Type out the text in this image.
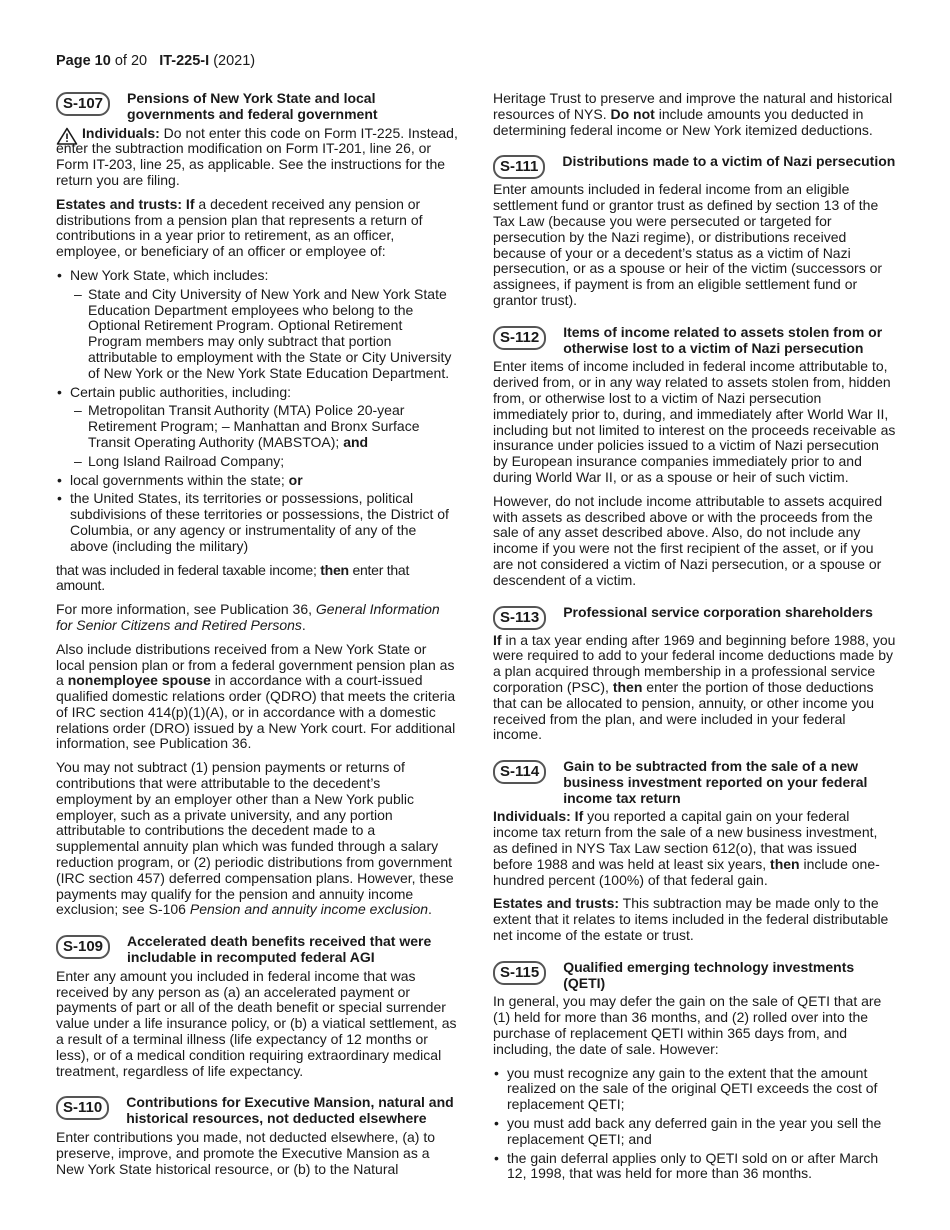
Page 10 of 20 IT-225-I (2021)
S-107	Pensions of New York State and local governments and federal government
Individuals: Do not enter this code on Form IT-225. Instead, enter the subtraction modification on Form IT-201, line 26, or Form IT-203, line 25, as applicable. See the instructions for the return you are filing.

Estates and trusts: If a decedent received any pension or distributions from a pension plan that represents a return of contributions in a year prior to retirement, as an officer, employee, or beneficiary of an officer or employee of:

• New York State, which includes:
– State and City University of New York and New York State Education Department employees who belong to the Optional Retirement Program. Optional Retirement Program members may only subtract that portion attributable to employment with the State or City University of New York or the New York State Education Department.
• Certain public authorities, including:
– Metropolitan Transit Authority (MTA) Police 20-year Retirement Program; – Manhattan and Bronx Surface Transit Operating Authority (MABSTOA); and
– Long Island Railroad Company;
• local governments within the state; or
• the United States, its territories or possessions, political subdivisions of these territories or possessions, the District of Columbia, or any agency or instrumentality of any of the above (including the military)

that was included in federal taxable income; then enter that amount.

For more information, see Publication 36, General Information for Senior Citizens and Retired Persons.

Also include distributions received from a New York State or local pension plan or from a federal government pension plan as a nonemployee spouse in accordance with a court-issued qualified domestic relations order (QDRO) that meets the criteria of IRC section 414(p)(1)(A), or in accordance with a domestic relations order (DRO) issued by a New York court. For additional information, see Publication 36.

You may not subtract (1) pension payments or returns of contributions that were attributable to the decedent’s employment by an employer other than a New York public employer, such as a private university, and any portion attributable to contributions the decedent made to a supplemental annuity plan which was funded through a salary reduction program, or (2) periodic distributions from government (IRC section 457) deferred compensation plans. However, these payments may qualify for the pension and annuity income exclusion; see S-106 Pension and annuity income exclusion.

S-109	Accelerated death benefits received that were includable in recomputed federal AGI

Enter any amount you included in federal income that was received by any person as (a) an accelerated payment or payments of part or all of the death benefit or special surrender value under a life insurance policy, or (b) a viatical settlement, as a result of a terminal illness (life expectancy of 12 months or less), or of a medical condition requiring extraordinary medical treatment, regardless of life expectancy.

S-110	Contributions for Executive Mansion, natural and historical resources, not deducted elsewhere

Enter contributions you made, not deducted elsewhere, (a) to preserve, improve, and promote the Executive Mansion as a New York State historical resource, or (b) to the Natural

Heritage Trust to preserve and improve the natural and historical resources of NYS. Do not include amounts you deducted in determining federal income or New York itemized deductions.

S-111	Distributions made to a victim of Nazi persecution

Enter amounts included in federal income from an eligible settlement fund or grantor trust as defined by section 13 of the Tax Law (because you were persecuted or targeted for persecution by the Nazi regime), or distributions received because of your or a decedent’s status as a victim of Nazi persecution, or as a spouse or heir of the victim (successors or assignees, if payment is from an eligible settlement fund or grantor trust).

S-112	Items of income related to assets stolen from or otherwise lost to a victim of Nazi persecution

Enter items of income included in federal income attributable to, derived from, or in any way related to assets stolen from, hidden from, or otherwise lost to a victim of Nazi persecution immediately prior to, during, and immediately after World War II, including but not limited to interest on the proceeds receivable as insurance under policies issued to a victim of Nazi persecution by European insurance companies immediately prior to and during World War II, or as a spouse or heir of such victim.

However, do not include income attributable to assets acquired with assets as described above or with the proceeds from the sale of any asset described above. Also, do not include any income if you were not the first recipient of the asset, or if you are not considered a victim of Nazi persecution, or a spouse or descendent of a victim.

S-113	Professional service corporation shareholders

If in a tax year ending after 1969 and beginning before 1988, you were required to add to your federal income deductions made by a plan acquired through membership in a professional service corporation (PSC), then enter the portion of those deductions that can be allocated to pension, annuity, or other income you received from the plan, and were included in your federal income.

S-114	Gain to be subtracted from the sale of a new business investment reported on your federal income tax return

Individuals: If you reported a capital gain on your federal income tax return from the sale of a new business investment, as defined in NYS Tax Law section 612(o), that was issued before 1988 and was held at least six years, then include one-hundred percent (100%) of that federal gain.

Estates and trusts: This subtraction may be made only to the extent that it relates to items included in the federal distributable net income of the estate or trust.

S-115	Qualified emerging technology investments (QETI)

In general, you may defer the gain on the sale of QETI that are (1) held for more than 36 months, and (2) rolled over into the purchase of replacement QETI within 365 days from, and including, the date of sale. However:

• you must recognize any gain to the extent that the amount realized on the sale of the original QETI exceeds the cost of replacement QETI;
• you must add back any deferred gain in the year you sell the replacement QETI; and
• the gain deferral applies only to QETI sold on or after March 12, 1998, that was held for more than 36 months.
